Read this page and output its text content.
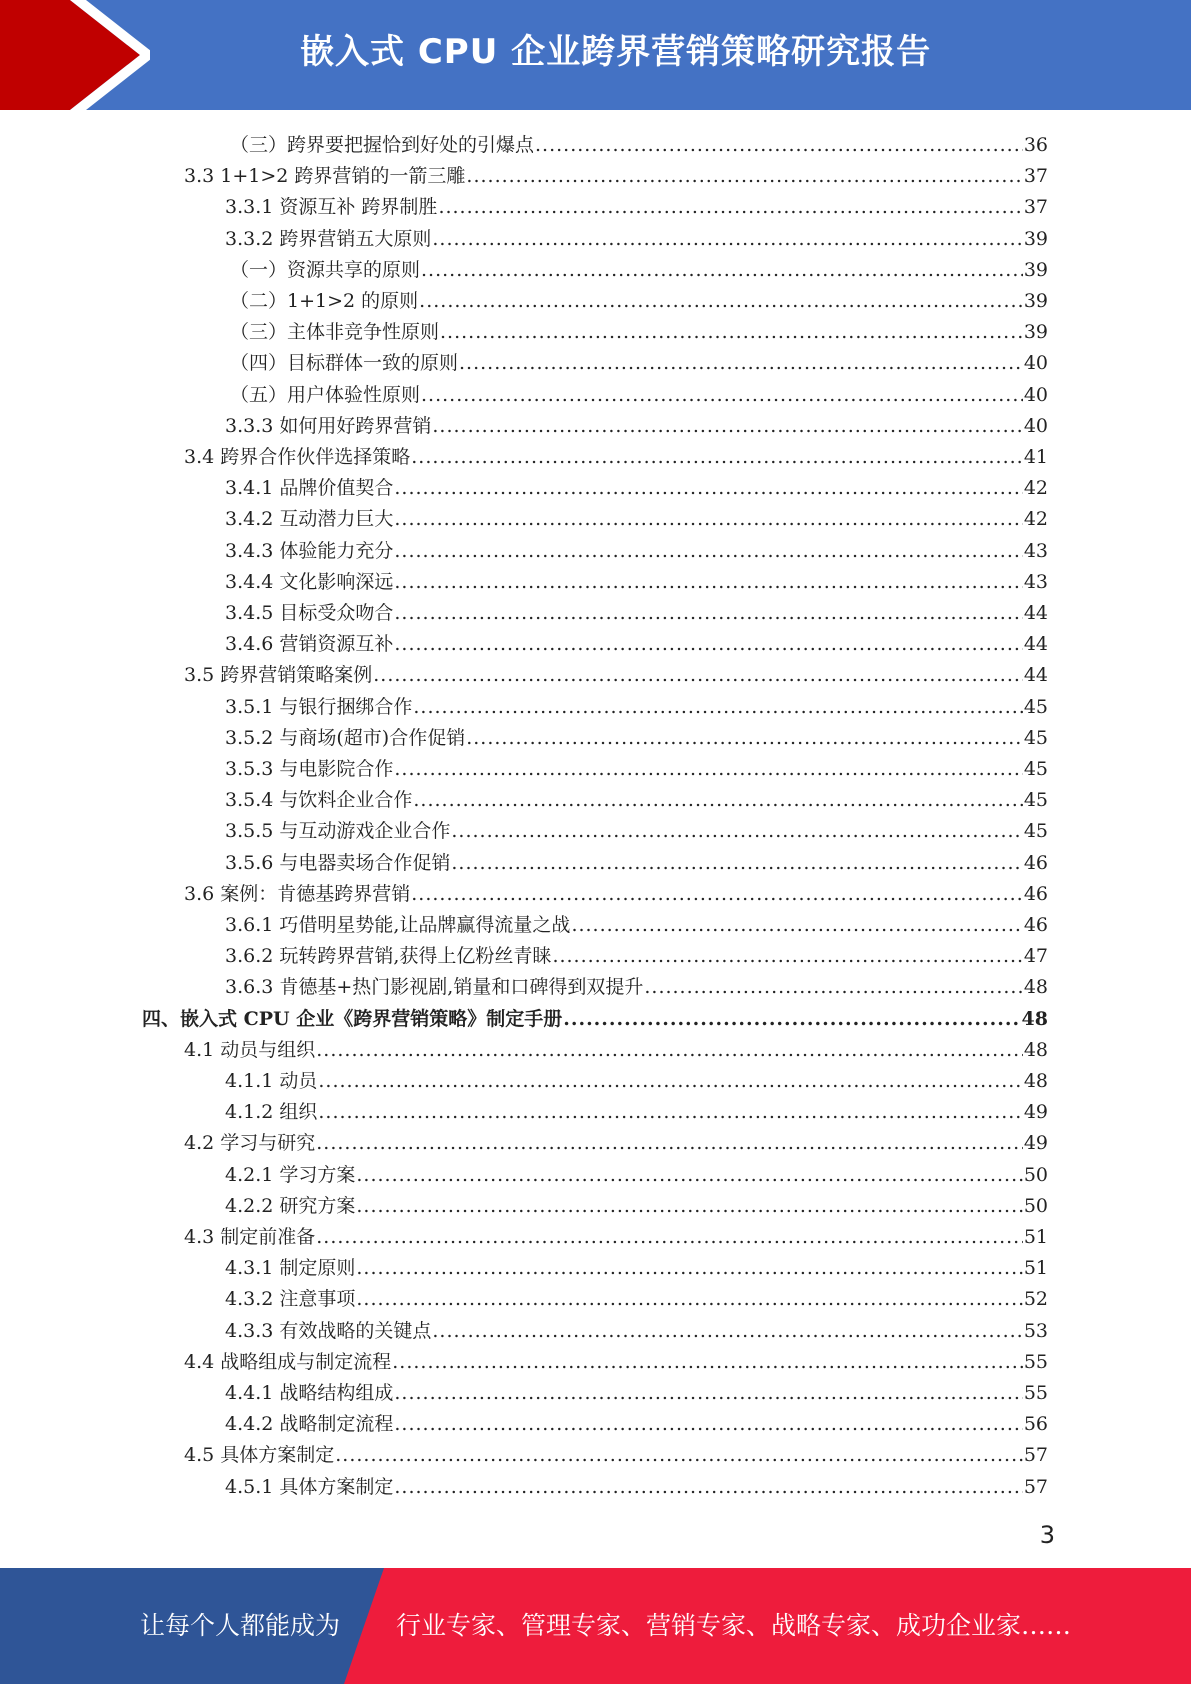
嵌入式 CPU 企业跨界营销策略研究报告
（三）跨界要把握恰到好处的引爆点 .....	36
3.3 1+1>2 跨界营销的一箭三雕 .....	37
3.3.1 资源互补 跨界制胜 .....	37
3.3.2 跨界营销五大原则 .....	39
（一）资源共享的原则 .....	39
（二）1+1>2 的原则 .....	39
（三）主体非竞争性原则 .....	39
（四）目标群体一致的原则 .....	40
（五）用户体验性原则 .....	40
3.3.3 如何用好跨界营销 .....	40
3.4 跨界合作伙伴选择策略 .....	41
3.4.1 品牌价值契合 .....	42
3.4.2 互动潜力巨大 .....	42
3.4.3 体验能力充分 .....	43
3.4.4 文化影响深远 .....	43
3.4.5 目标受众吻合 .....	44
3.4.6 营销资源互补 .....	44
3.5 跨界营销策略案例 .....	44
3.5.1 与银行捆绑合作 .....	45
3.5.2 与商场(超市)合作促销 .....	45
3.5.3 与电影院合作 .....	45
3.5.4 与饮料企业合作 .....	45
3.5.5 与互动游戏企业合作 .....	45
3.5.6 与电器卖场合作促销 .....	46
3.6 案例：肯德基跨界营销 .....	46
3.6.1 巧借明星势能,让品牌赢得流量之战 .....	46
3.6.2 玩转跨界营销,获得上亿粉丝青睐 .....	47
3.6.3 肯德基+热门影视剧,销量和口碑得到双提升 .....	48
四、嵌入式 CPU 企业《跨界营销策略》制定手册 .....	48
4.1 动员与组织 .....	48
4.1.1 动员 .....	48
4.1.2 组织 .....	49
4.2 学习与研究 .....	49
4.2.1 学习方案 .....	50
4.2.2 研究方案 .....	50
4.3 制定前准备 .....	51
4.3.1 制定原则 .....	51
4.3.2 注意事项 .....	52
4.3.3 有效战略的关键点 .....	53
4.4 战略组成与制定流程 .....	55
4.4.1 战略结构组成 .....	55
4.4.2 战略制定流程 .....	56
4.5 具体方案制定 .....	57
4.5.1 具体方案制定 .....	57
3
让每个人都能成为	行业专家、管理专家、营销专家、战略专家、成功企业家……
